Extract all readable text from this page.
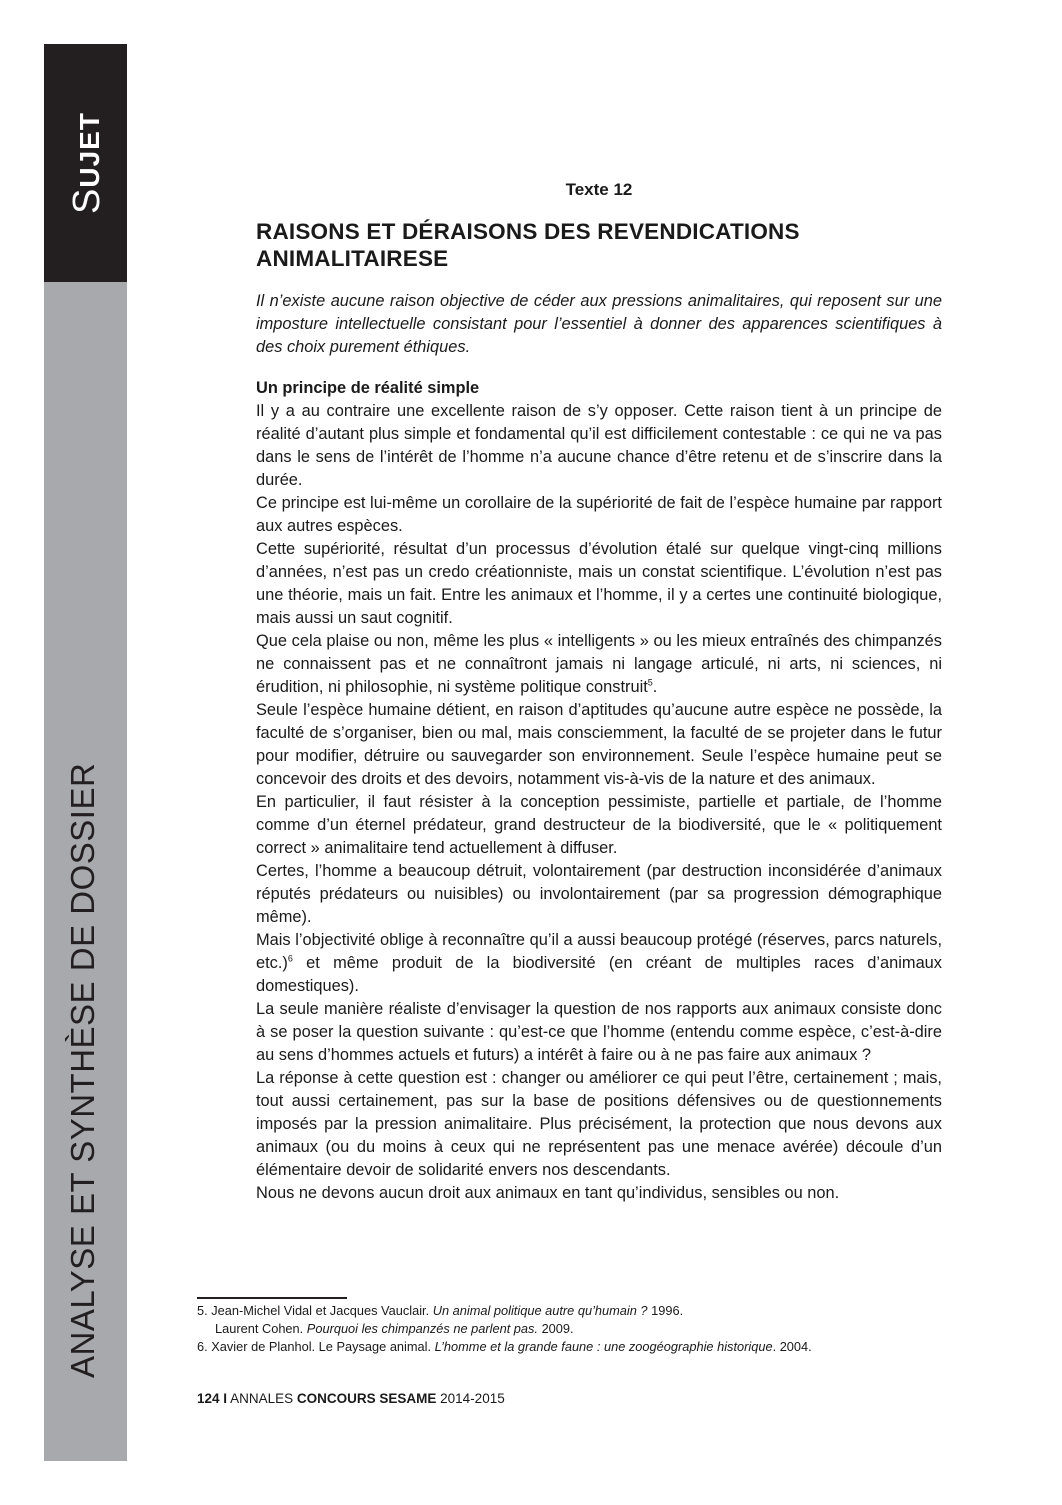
SUJET
ANALYSE ET SYNTHÈSE DE DOSSIER

Texte 12

RAISONS ET DÉRAISONS DES REVENDICATIONS
ANIMALITAIRESE

Il n’existe aucune raison objective de céder aux pressions animalitaires, qui reposent sur une imposture intellectuelle consistant pour l’essentiel à donner des apparences scientifiques à des choix purement éthiques.

Un principe de réalité simple

Il y a au contraire une excellente raison de s’y opposer. Cette raison tient à un principe de réalité d’autant plus simple et fondamental qu’il est difficilement contestable : ce qui ne va pas dans le sens de l’intérêt de l’homme n’a aucune chance d’être retenu et de s’inscrire dans la durée.

Ce principe est lui-même un corollaire de la supériorité de fait de l’espèce humaine par rapport aux autres espèces.

Cette supériorité, résultat d’un processus d’évolution étalé sur quelque vingt-cinq millions d’années, n’est pas un credo créationniste, mais un constat scientifique. L’évolution n’est pas une théorie, mais un fait. Entre les animaux et l’homme, il y a certes une continuité biologique, mais aussi un saut cognitif.

Que cela plaise ou non, même les plus « intelligents » ou les mieux entraînés des chimpanzés ne connaissent pas et ne connaîtront jamais ni langage articulé, ni arts, ni sciences, ni érudition, ni philosophie, ni système politique construit$^5$.

Seule l’espèce humaine détient, en raison d’aptitudes qu’aucune autre espèce ne possède, la faculté de s’organiser, bien ou mal, mais consciemment, la faculté de se projeter dans le futur pour modifier, détruire ou sauvegarder son environnement. Seule l’espèce humaine peut se concevoir des droits et des devoirs, notamment vis-à-vis de la nature et des animaux.

En particulier, il faut résister à la conception pessimiste, partielle et partiale, de l’homme comme d’un éternel prédateur, grand destructeur de la biodiversité, que le « politiquement correct » animalitaire tend actuellement à diffuser.

Certes, l’homme a beaucoup détruit, volontairement (par destruction inconsidérée d’animaux réputés prédateurs ou nuisibles) ou involontairement (par sa progression démographique même).

Mais l’objectivité oblige à reconnaître qu’il a aussi beaucoup protégé (réserves, parcs naturels, etc.)$^6$ et même produit de la biodiversité (en créant de multiples races d’animaux domestiques).

La seule manière réaliste d’envisager la question de nos rapports aux animaux consiste donc à se poser la question suivante : qu’est-ce que l’homme (entendu comme espèce, c’est-à-dire au sens d’hommes actuels et futurs) a intérêt à faire ou à ne pas faire aux animaux ?

La réponse à cette question est : changer ou améliorer ce qui peut l’être, certainement ; mais, tout aussi certainement, pas sur la base de positions défensives ou de questionnements imposés par la pression animalitaire. Plus précisément, la protection que nous devons aux animaux (ou du moins à ceux qui ne représentent pas une menace avérée) découle d’un élémentaire devoir de solidarité envers nos descendants.

Nous ne devons aucun droit aux animaux en tant qu’individus, sensibles ou non.

5. Jean-Michel Vidal et Jacques Vauclair. Un animal politique autre qu’humain ? 1996.

Laurent Cohen. Pourquoi les chimpanzés ne parlent pas. 2009.

6. Xavier de Planhol. Le Paysage animal. L’homme et la grande faune : une zoogéographie historique. 2004.

124 I ANNALES CONCOURS SESAME 2014-2015
